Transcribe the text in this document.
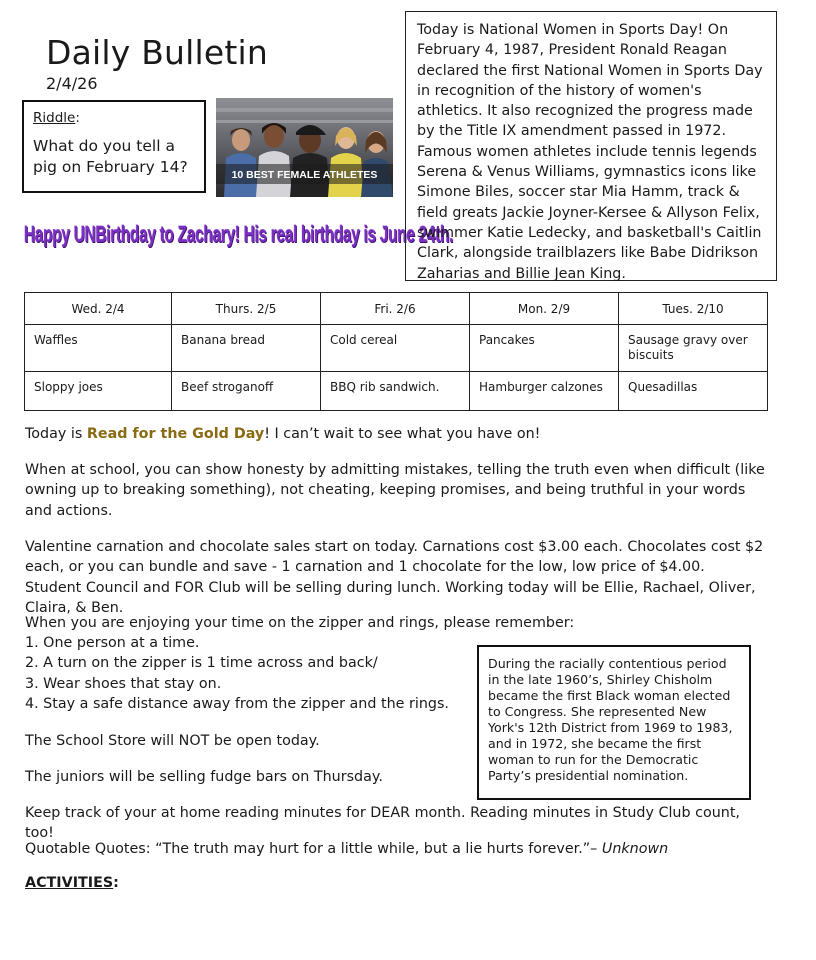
Daily Bulletin
2/4/26
Riddle:
What do you tell a pig on February 14?	10 BEST FEMALE ATHLETES
Happy UNBirthday to Zachary! His real birthday is June 24th.
Today is National Women in Sports Day! On February 4, 1987, President Ronald Reagan declared the first National Women in Sports Day in recognition of the history of women's athletics. It also recognized the progress made by the Title IX amendment passed in 1972. Famous women athletes include tennis legends Serena & Venus Williams, gymnastics icons like Simone Biles, soccer star Mia Hamm, track & field greats Jackie Joyner-Kersee & Allyson Felix, swimmer Katie Ledecky, and basketball's Caitlin Clark, alongside trailblazers like Babe Didrikson Zaharias and Billie Jean King.
Wed. 2/4	Thurs. 2/5	Fri. 2/6	Mon. 2/9	Tues. 2/10
Waffles	Banana bread	Cold cereal	Pancakes	Sausage gravy over biscuits
Sloppy joes	Beef stroganoff	BBQ rib sandwich.	Hamburger calzones	Quesadillas
Today is Read for the Gold Day! I can’t wait to see what you have on!
When at school, you can show honesty by admitting mistakes, telling the truth even when difficult (like owning up to breaking something), not cheating, keeping promises, and being truthful in your words and actions.
Valentine carnation and chocolate sales start on today. Carnations cost $3.00 each. Chocolates cost $2 each, or you can bundle and save - 1 carnation and 1 chocolate for the low, low price of $4.00. Student Council and FOR Club will be selling during lunch. Working today will be Ellie, Rachael, Oliver, Claira, & Ben.
When you are enjoying your time on the zipper and rings, please remember:
1. One person at a time.
2. A turn on the zipper is 1 time across and back/
3. Wear shoes that stay on.
4. Stay a safe distance away from the zipper and the rings.
The School Store will NOT be open today.
The juniors will be selling fudge bars on Thursday.
Keep track of your at home reading minutes for DEAR month. Reading minutes in Study Club count, too!
Quotable Quotes: “The truth may hurt for a little while, but a lie hurts forever.”– Unknown
ACTIVITIES:
During the racially contentious period in the late 1960’s, Shirley Chisholm became the first Black woman elected to Congress. She represented New York's 12th District from 1969 to 1983, and in 1972, she became the first woman to run for the Democratic Party’s presidential nomination.
